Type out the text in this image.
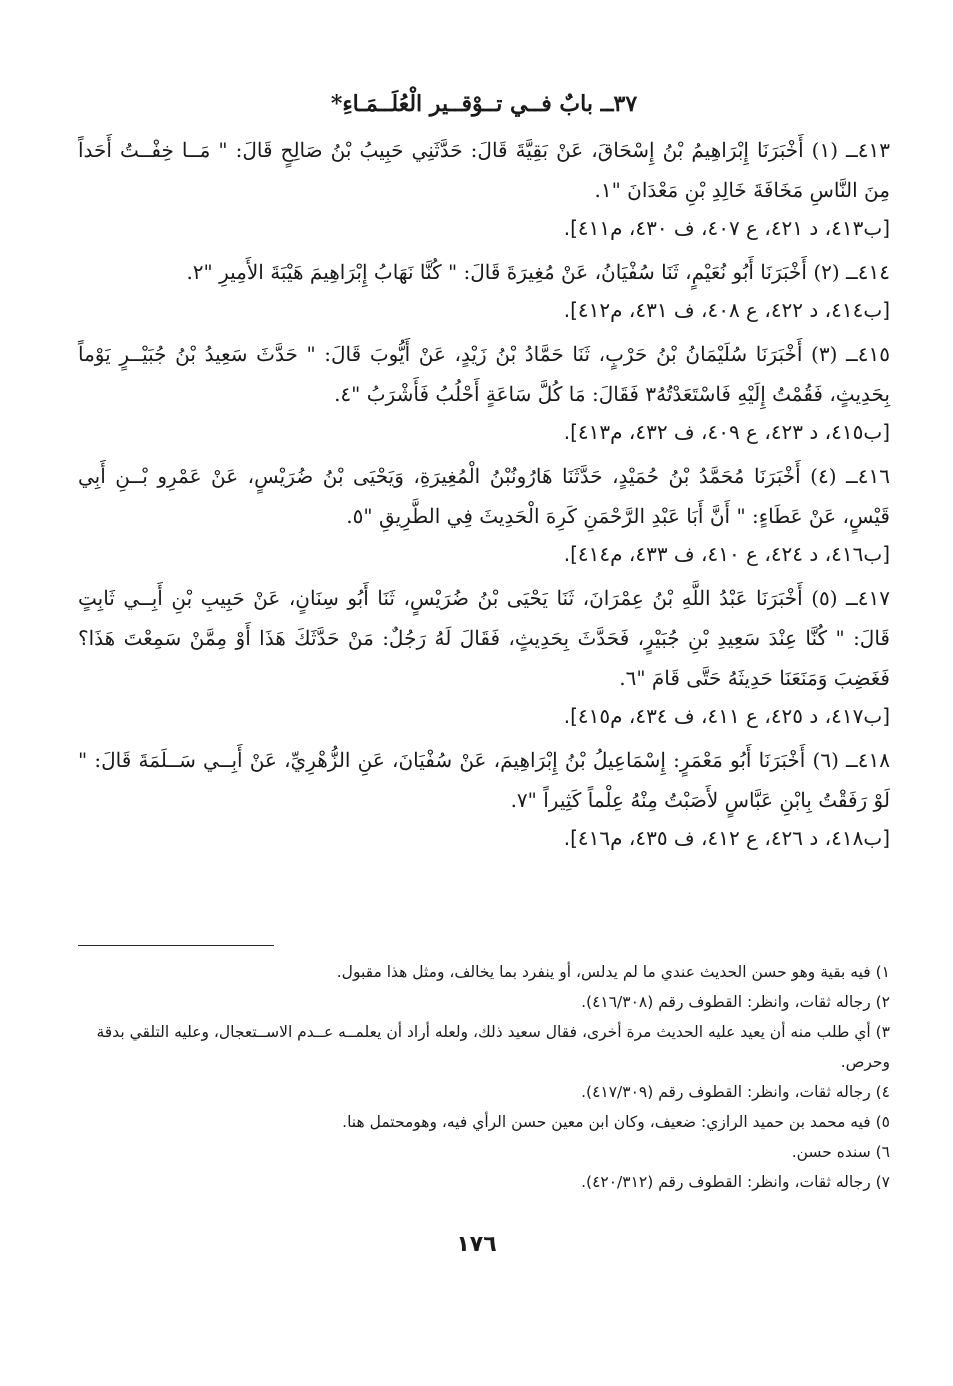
٣٧ــ بابٌ فــي تــوْقــير الْعُلَــمَـاءِ*

٤١٣ــ (١) أَخْبَرَنَا إِبْرَاهِيمُ بْنُ إِسْحَاقَ، عَنْ بَقِيَّةَ قَالَ: حَدَّثَنِي حَبِيبُ بْنُ صَالِحٍ قَالَ: " مَــا خِفْــتُ أَحَداً مِنَ النَّاسِ مَخَافَةَ خَالِدِ بْنِ مَعْدَانَ "١.

[ب٤١٣، د ٤٢١، ع ٤٠٧، ف ٤٣٠، م٤١١].

٤١٤ــ (٢) أَخْبَرَنَا أَبُو نُعَيْمٍ، ثَنَا سُفْيَانُ، عَنْ مُغِيرَةَ قَالَ: " كُنَّا نَهَابُ إِبْرَاهِيمَ هَيْبَةَ الأَمِيرِ "٢.

[ب٤١٤، د ٤٢٢، ع ٤٠٨، ف ٤٣١، م٤١٢].

٤١٥ــ (٣) أَخْبَرَنَا سُلَيْمَانُ بْنُ حَرْبٍ، ثَنَا حَمَّادُ بْنُ زَيْدٍ، عَنْ أَيُّوبَ قَالَ: " حَدَّثَ سَعِيدُ بْنُ جُبَيْــرٍ يَوْماً بِحَدِيثٍ، فَقُمْتُ إِلَيْهِ فَاسْتَعَدْتُهُ٣ فَقَالَ: مَا كُلَّ سَاعَةٍ أَحْلُبُ فَأَشْرَبُ "٤.

[ب٤١٥، د ٤٢٣، ع ٤٠٩، ف ٤٣٢، م٤١٣].

٤١٦ــ (٤) أَخْبَرَنَا مُحَمَّدُ بْنُ حُمَيْدٍ، حَدَّثَنَا هَارُونُبْنُ الْمُغِيرَةِ، وَيَحْيَى بْنُ ضُرَيْسٍ، عَنْ عَمْرِو بْــنِ أَبِي قَيْسٍ، عَنْ عَطَاءٍ: " أَنَّ أَبَا عَبْدِ الرَّحْمَنِ كَرِهَ الْحَدِيثَ فِي الطَّرِيقِ "٥.

[ب٤١٦، د ٤٢٤، ع ٤١٠، ف ٤٣٣، م٤١٤].

٤١٧ــ (٥) أَخْبَرَنَا عَبْدُ اللَّهِ بْنُ عِمْرَانَ، ثَنَا يَحْيَى بْنُ ضُرَيْسٍ، ثَنَا أَبُو سِنَانٍ، عَنْ حَبِيبِ بْنِ أَبِــي ثَابِتٍ قَالَ: " كُنَّا عِنْدَ سَعِيدِ بْنِ جُبَيْرٍ، فَحَدَّثَ بِحَدِيثٍ، فَقَالَ لَهُ رَجُلٌ: مَنْ حَدَّثَكَ هَذَا أَوْ مِمَّنْ سَمِعْتَ هَذَا؟ فَغَضِبَ وَمَنَعَنَا حَدِيثَهُ حَتَّى قَامَ "٦.

[ب٤١٧، د ٤٢٥، ع ٤١١، ف ٤٣٤، م٤١٥].

٤١٨ــ (٦) أَخْبَرَنَا أَبُو مَعْمَرٍ: إِسْمَاعِيلُ بْنُ إِبْرَاهِيمَ، عَنْ سُفْيَانَ، عَنِ الزُّهْرِيِّ، عَنْ أَبِــي سَــلَمَةَ قَالَ: " لَوْ رَفَقْتُ بِابْنِ عَبَّاسٍ لأَصَبْتُ مِنْهُ عِلْماً كَثِيراً "٧.

[ب٤١٨، د ٤٢٦، ع ٤١٢، ف ٤٣٥، م٤١٦].

١) فيه بقية وهو حسن الحديث عندي ما لم يدلس، أو ينفرد بما يخالف، ومثل هذا مقبول.

٢) رجاله ثقات، وانظر: القطوف رقم (٤١٦/٣٠٨).

٣) أي طلب منه أن يعيد عليه الحديث مرة أخرى، فقال سعيد ذلك، ولعله أراد أن يعلمــه عــدم الاســتعجال، وعليه التلقي بدقة وحرص.

٤) رجاله ثقات، وانظر: القطوف رقم (٤١٧/٣٠٩).

٥) فيه محمد بن حميد الرازي: ضعيف، وكان ابن معين حسن الرأي فيه، وهومحتمل هنا.

٦) سنده حسن.

٧) رجاله ثقات، وانظر: القطوف رقم (٤٢٠/٣١٢).

١٧٦
